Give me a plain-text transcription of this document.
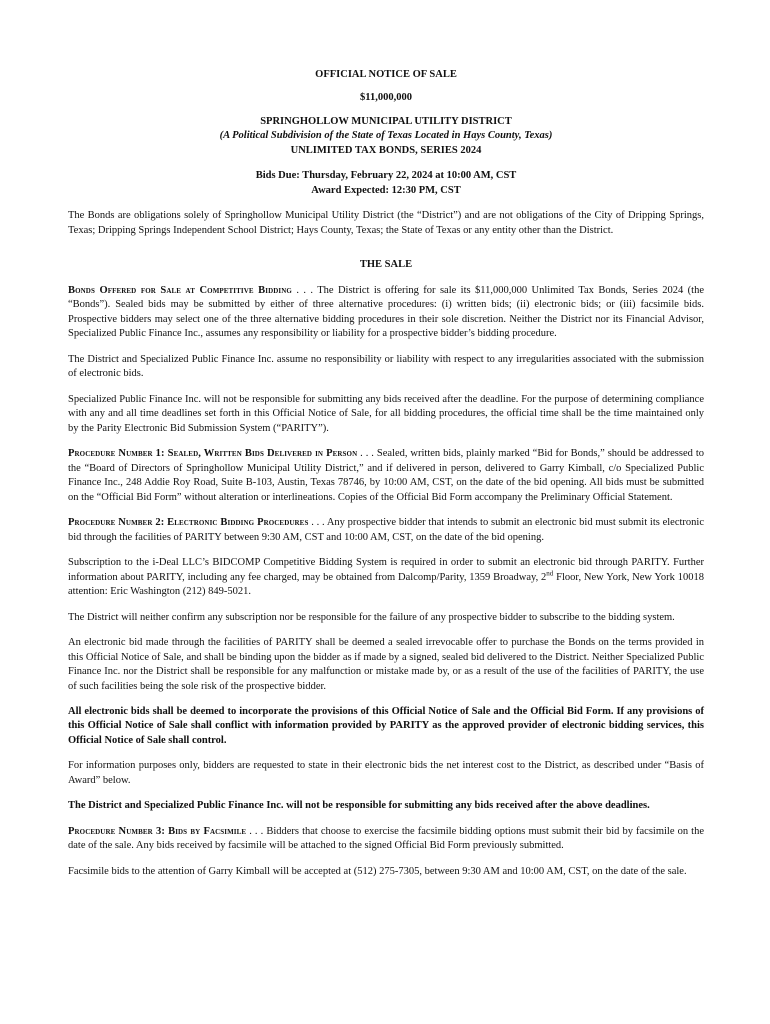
OFFICIAL NOTICE OF SALE
$11,000,000
SPRINGHOLLOW MUNICIPAL UTILITY DISTRICT
(A Political Subdivision of the State of Texas Located in Hays County, Texas)
UNLIMITED TAX BONDS, SERIES 2024
Bids Due: Thursday, February 22, 2024 at 10:00 AM, CST
Award Expected: 12:30 PM, CST

The Bonds are obligations solely of Springhollow Municipal Utility District (the “District”) and are not obligations of the City of Dripping Springs, Texas; Dripping Springs Independent School District; Hays County, Texas; the State of Texas or any entity other than the District.

THE SALE

Bonds Offered for Sale at Competitive Bidding . . . The District is offering for sale its $11,000,000 Unlimited Tax Bonds, Series 2024 (the “Bonds”). Sealed bids may be submitted by either of three alternative procedures: (i) written bids; (ii) electronic bids; or (iii) facsimile bids. Prospective bidders may select one of the three alternative bidding procedures in their sole discretion. Neither the District nor its Financial Advisor, Specialized Public Finance Inc., assumes any responsibility or liability for a prospective bidder’s bidding procedure.

The District and Specialized Public Finance Inc. assume no responsibility or liability with respect to any irregularities associated with the submission of electronic bids.

Specialized Public Finance Inc. will not be responsible for submitting any bids received after the deadline. For the purpose of determining compliance with any and all time deadlines set forth in this Official Notice of Sale, for all bidding procedures, the official time shall be the time maintained only by the Parity Electronic Bid Submission System (“PARITY”).

Procedure Number 1: Sealed, Written Bids Delivered in Person . . . Sealed, written bids, plainly marked “Bid for Bonds,” should be addressed to the “Board of Directors of Springhollow Municipal Utility District,” and if delivered in person, delivered to Garry Kimball, c/o Specialized Public Finance Inc., 248 Addie Roy Road, Suite B-103, Austin, Texas 78746, by 10:00 AM, CST, on the date of the bid opening. All bids must be submitted on the “Official Bid Form” without alteration or interlineations. Copies of the Official Bid Form accompany the Preliminary Official Statement.

Procedure Number 2: Electronic Bidding Procedures . . . Any prospective bidder that intends to submit an electronic bid must submit its electronic bid through the facilities of PARITY between 9:30 AM, CST and 10:00 AM, CST, on the date of the bid opening.

Subscription to the i-Deal LLC’s BIDCOMP Competitive Bidding System is required in order to submit an electronic bid through PARITY. Further information about PARITY, including any fee charged, may be obtained from Dalcomp/Parity, 1359 Broadway, 2nd Floor, New York, New York 10018 attention: Eric Washington (212) 849-5021.

The District will neither confirm any subscription nor be responsible for the failure of any prospective bidder to subscribe to the bidding system.

An electronic bid made through the facilities of PARITY shall be deemed a sealed irrevocable offer to purchase the Bonds on the terms provided in this Official Notice of Sale, and shall be binding upon the bidder as if made by a signed, sealed bid delivered to the District. Neither Specialized Public Finance Inc. nor the District shall be responsible for any malfunction or mistake made by, or as a result of the use of the facilities of PARITY, the use of such facilities being the sole risk of the prospective bidder.

All electronic bids shall be deemed to incorporate the provisions of this Official Notice of Sale and the Official Bid Form. If any provisions of this Official Notice of Sale shall conflict with information provided by PARITY as the approved provider of electronic bidding services, this Official Notice of Sale shall control.

For information purposes only, bidders are requested to state in their electronic bids the net interest cost to the District, as described under “Basis of Award” below.

The District and Specialized Public Finance Inc. will not be responsible for submitting any bids received after the above deadlines.

Procedure Number 3: Bids by Facsimile . . . Bidders that choose to exercise the facsimile bidding options must submit their bid by facsimile on the date of the sale. Any bids received by facsimile will be attached to the signed Official Bid Form previously submitted.

Facsimile bids to the attention of Garry Kimball will be accepted at (512) 275-7305, between 9:30 AM and 10:00 AM, CST, on the date of the sale.
